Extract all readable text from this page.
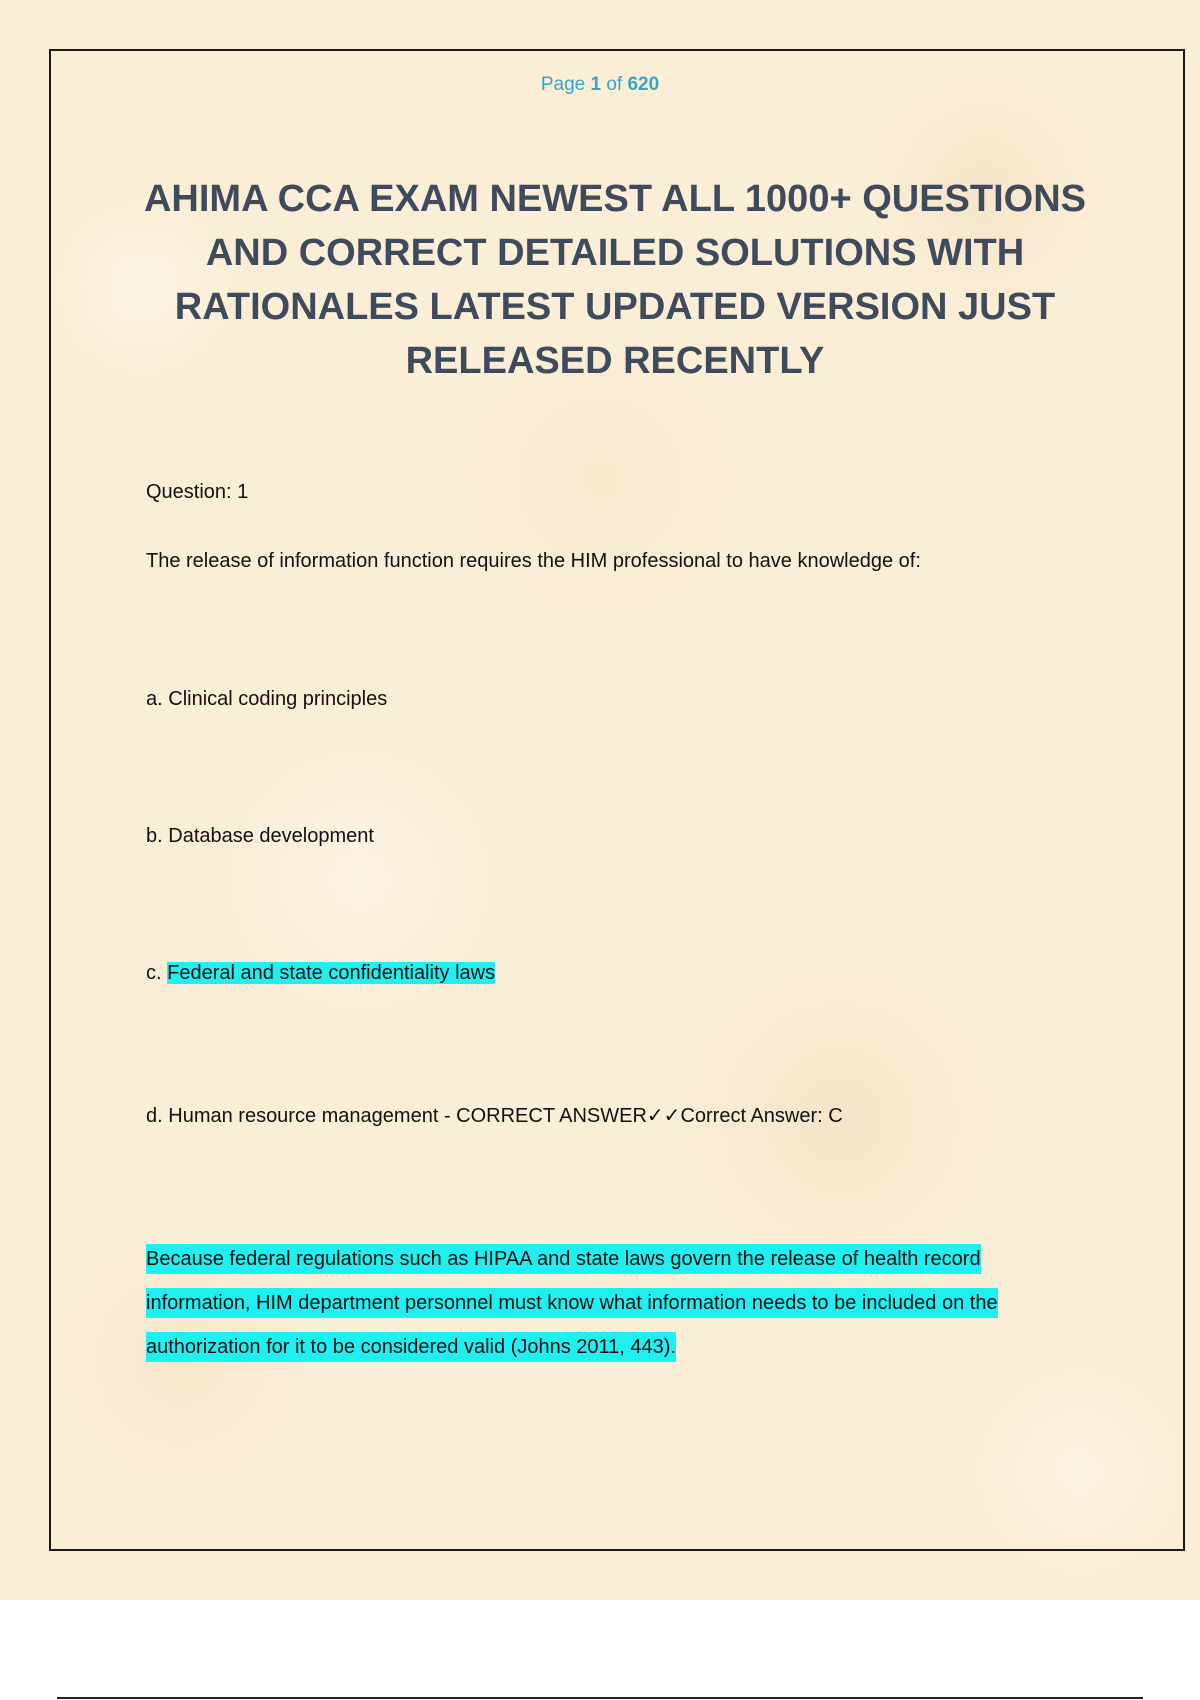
Page 1 of 620
AHIMA CCA EXAM NEWEST ALL 1000+ QUESTIONS AND CORRECT DETAILED SOLUTIONS WITH RATIONALES LATEST UPDATED VERSION JUST RELEASED RECENTLY
Question: 1
The release of information function requires the HIM professional to have knowledge of:
a. Clinical coding principles
b. Database development
c. Federal and state confidentiality laws
d. Human resource management - CORRECT ANSWER✓✓Correct Answer: C

Because federal regulations such as HIPAA and state laws govern the release of health record information, HIM department personnel must know what information needs to be included on the authorization for it to be considered valid (Johns 2011, 443).
